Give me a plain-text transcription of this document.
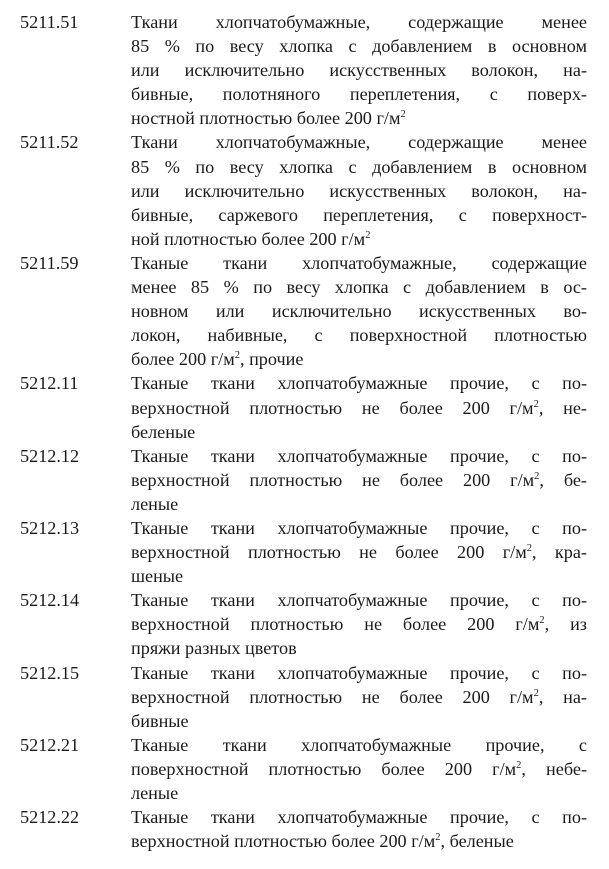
5211.51	Ткани хлопчатобумажные, содержащие менее
85 % по весу хлопка с добавлением в основном
или исключительно искусственных волокон, на-
бивные, полотняного переплетения, с поверх-
ностной плотностью более 200 $г/м^2$
5211.52	Ткани хлопчатобумажные, содержащие менее
85 % по весу хлопка с добавлением в основном
или исключительно искусственных волокон, на-
бивные, саржевого переплетения, с поверхност-
ной плотностью более 200 $г/м^2$
5211.59	Тканые ткани хлопчатобумажные, содержащие
менее 85 % по весу хлопка с добавлением в ос-
новном или исключительно искусственных во-
локон, набивные, с поверхностной плотностью
более 200 $г/м^2$, прочие
5212.11	Тканые ткани хлопчатобумажные прочие, с по-
верхностной плотностью не более 200 $г/м^2$, не-
беленые
5212.12	Тканые ткани хлопчатобумажные прочие, с по-
верхностной плотностью не более 200 $г/м^2$, бе-
леные
5212.13	Тканые ткани хлопчатобумажные прочие, с по-
верхностной плотностью не более 200 $г/м^2$, кра-
шеные
5212.14	Тканые ткани хлопчатобумажные прочие, с по-
верхностной плотностью не более 200 $г/м^2$, из
пряжи разных цветов
5212.15	Тканые ткани хлопчатобумажные прочие, с по-
верхностной плотностью не более 200 $г/м^2$, на-
бивные
5212.21	Тканые ткани хлопчатобумажные прочие, с
поверхностной плотностью более 200 $г/м^2$, небе-
леные
5212.22	Тканые ткани хлопчатобумажные прочие, с по-
верхностной плотностью более 200 $г/м^2$, беленые
